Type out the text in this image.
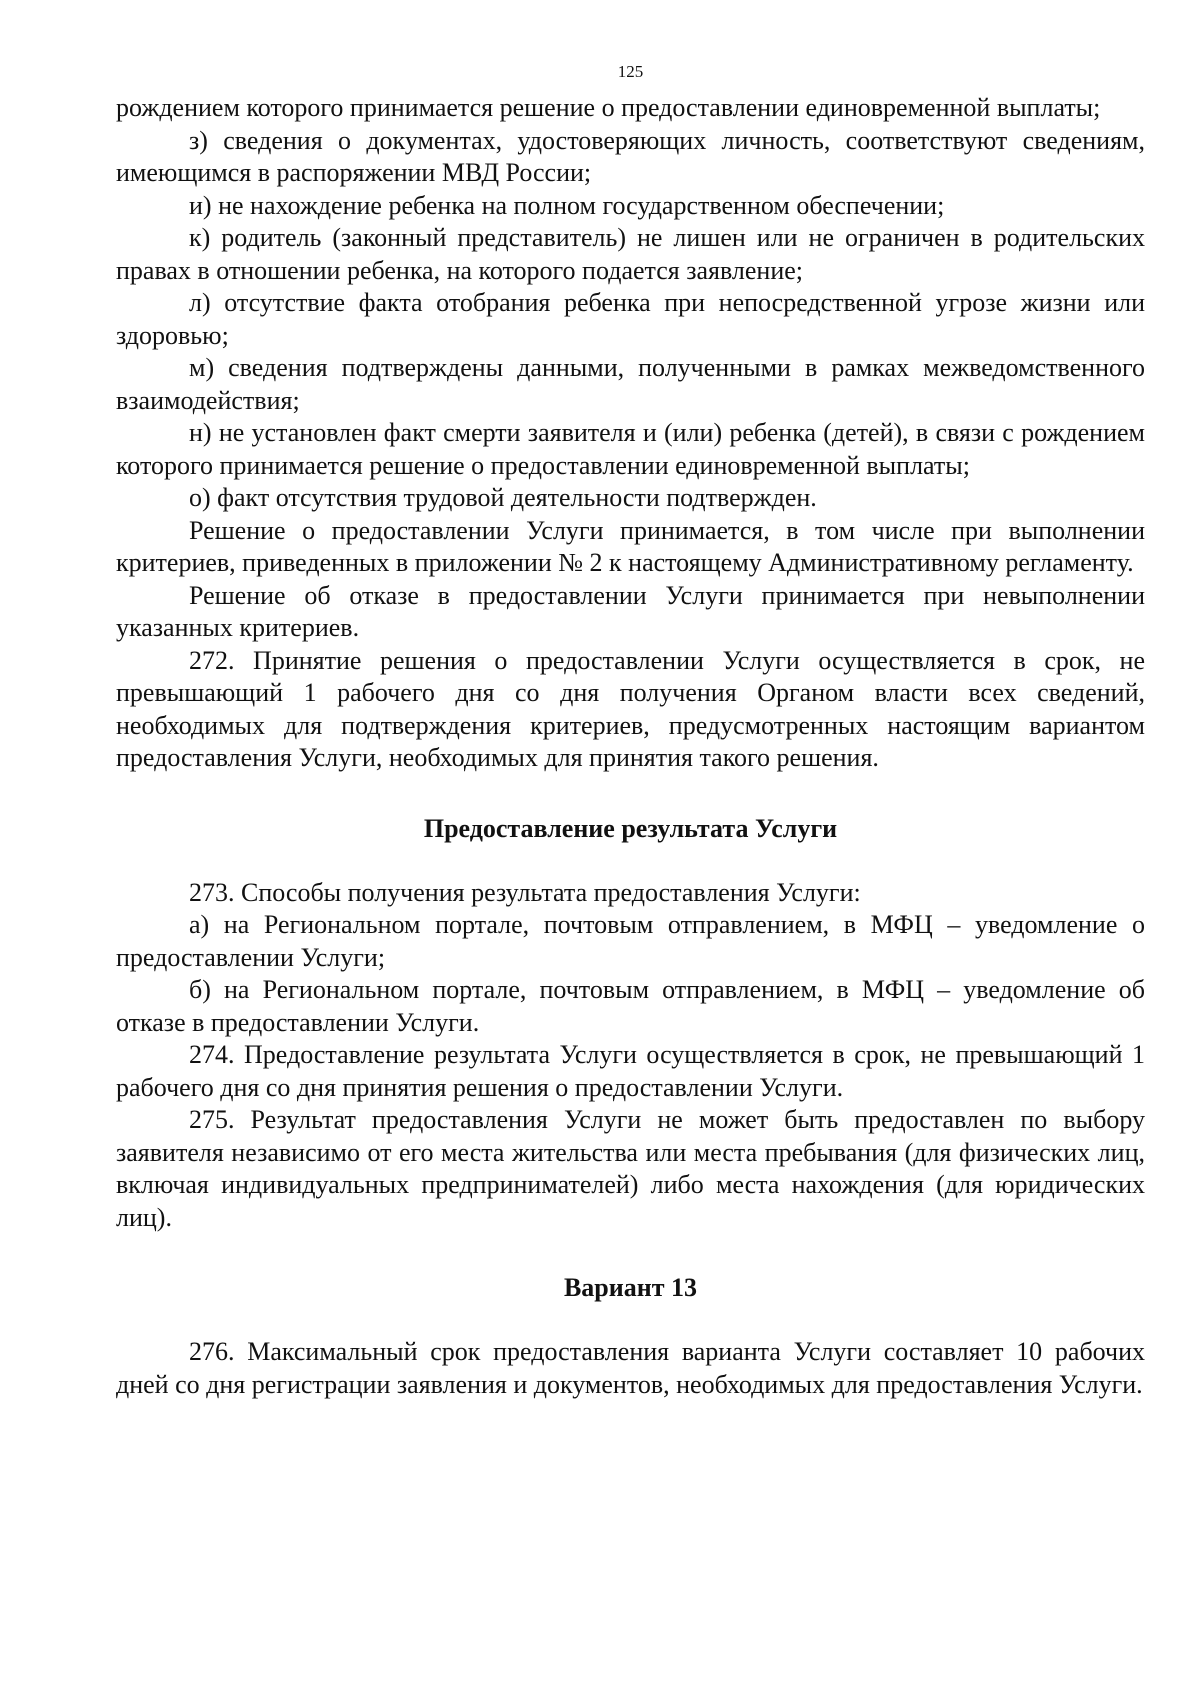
125

рождением которого принимается решение о предоставлении единовременной выплаты;

з) сведения о документах, удостоверяющих личность, соответствуют сведениям, имеющимся в распоряжении МВД России;

и) не нахождение ребенка на полном государственном обеспечении;

к) родитель (законный представитель) не лишен или не ограничен в родительских правах в отношении ребенка, на которого подается заявление;

л) отсутствие факта отобрания ребенка при непосредственной угрозе жизни или здоровью;

м) сведения подтверждены данными, полученными в рамках межведомственного взаимодействия;

н) не установлен факт смерти заявителя и (или) ребенка (детей), в связи с рождением которого принимается решение о предоставлении единовременной выплаты;

о) факт отсутствия трудовой деятельности подтвержден.

Решение о предоставлении Услуги принимается, в том числе при выполнении критериев, приведенных в приложении № 2 к настоящему Административному регламенту.

Решение об отказе в предоставлении Услуги принимается при невыполнении указанных критериев.

272. Принятие решения о предоставлении Услуги осуществляется в срок, не превышающий 1 рабочего дня со дня получения Органом власти всех сведений, необходимых для подтверждения критериев, предусмотренных настоящим вариантом предоставления Услуги, необходимых для принятия такого решения.

Предоставление результата Услуги

273. Способы получения результата предоставления Услуги:

а) на Региональном портале, почтовым отправлением, в МФЦ – уведомление о предоставлении Услуги;

б) на Региональном портале, почтовым отправлением, в МФЦ – уведомление об отказе в предоставлении Услуги.

274. Предоставление результата Услуги осуществляется в срок, не превышающий 1 рабочего дня со дня принятия решения о предоставлении Услуги.

275. Результат предоставления Услуги не может быть предоставлен по выбору заявителя независимо от его места жительства или места пребывания (для физических лиц, включая индивидуальных предпринимателей) либо места нахождения (для юридических лиц).

Вариант 13

276. Максимальный срок предоставления варианта Услуги составляет 10 рабочих дней со дня регистрации заявления и документов, необходимых для предоставления Услуги.
